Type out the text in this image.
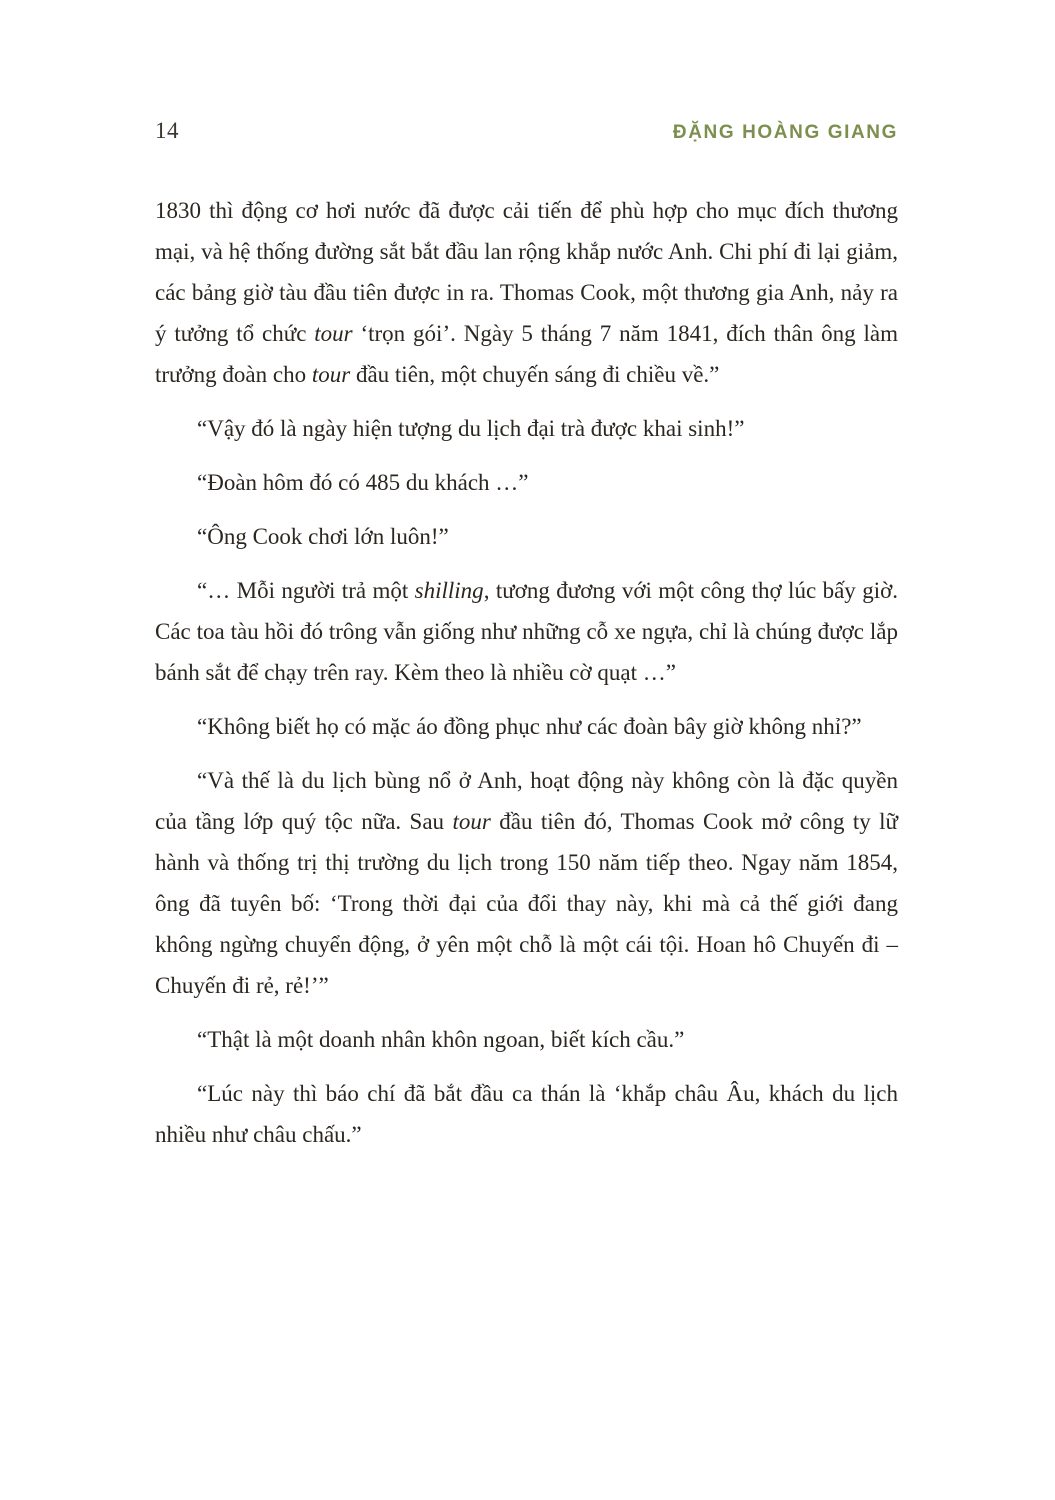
14	ĐẶNG HOÀNG GIANG

1830 thì động cơ hơi nước đã được cải tiến để phù hợp cho mục đích thương mại, và hệ thống đường sắt bắt đầu lan rộng khắp nước Anh. Chi phí đi lại giảm, các bảng giờ tàu đầu tiên được in ra. Thomas Cook, một thương gia Anh, nảy ra ý tưởng tổ chức tour ‘trọn gói’. Ngày 5 tháng 7 năm 1841, đích thân ông làm trưởng đoàn cho tour đầu tiên, một chuyến sáng đi chiều về.”

“Vậy đó là ngày hiện tượng du lịch đại trà được khai sinh!”

“Đoàn hôm đó có 485 du khách …”

“Ông Cook chơi lớn luôn!”

“… Mỗi người trả một shilling, tương đương với một công thợ lúc bấy giờ. Các toa tàu hồi đó trông vẫn giống như những cỗ xe ngựa, chỉ là chúng được lắp bánh sắt để chạy trên ray. Kèm theo là nhiều cờ quạt …”

“Không biết họ có mặc áo đồng phục như các đoàn bây giờ không nhỉ?”

“Và thế là du lịch bùng nổ ở Anh, hoạt động này không còn là đặc quyền của tầng lớp quý tộc nữa. Sau tour đầu tiên đó, Thomas Cook mở công ty lữ hành và thống trị thị trường du lịch trong 150 năm tiếp theo. Ngay năm 1854, ông đã tuyên bố: ‘Trong thời đại của đổi thay này, khi mà cả thế giới đang không ngừng chuyển động, ở yên một chỗ là một cái tội. Hoan hô Chuyến đi – Chuyến đi rẻ, rẻ!’”

“Thật là một doanh nhân khôn ngoan, biết kích cầu.”

“Lúc này thì báo chí đã bắt đầu ca thán là ‘khắp châu Âu, khách du lịch nhiều như châu chấu.”
